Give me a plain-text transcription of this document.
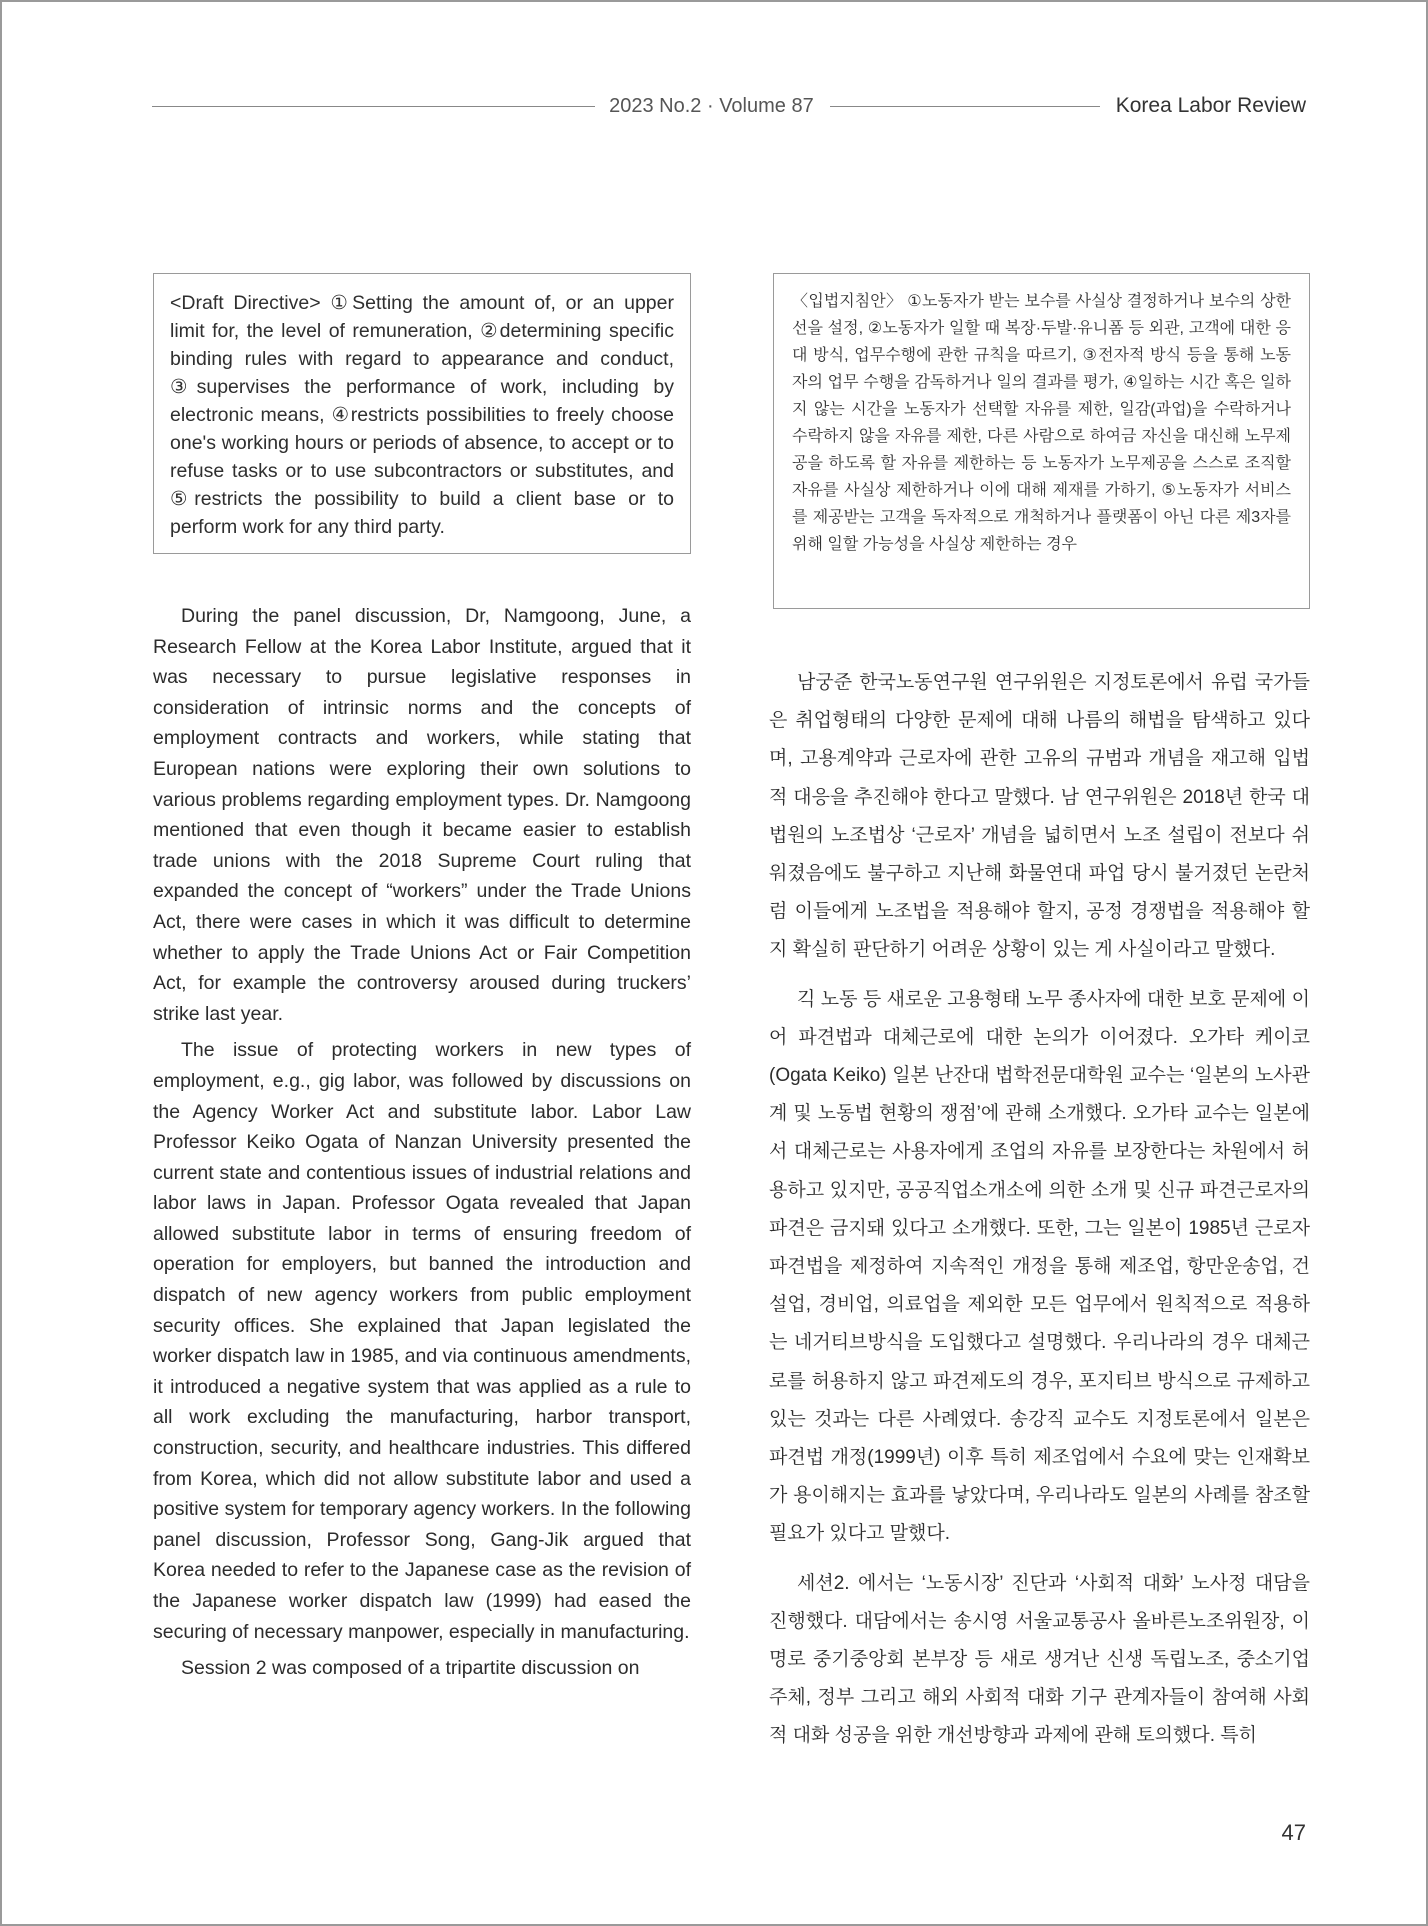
2023 No.2 · Volume 87	Korea Labor Review
<Draft Directive> ①Setting the amount of, or an upper limit for, the level of remuneration, ②determining specific binding rules with regard to appearance and conduct, ③supervises the performance of work, including by electronic means, ④restricts possibilities to freely choose one's working hours or periods of absence, to accept or to refuse tasks or to use subcontractors or substitutes, and ⑤restricts the possibility to build a client base or to perform work for any third party.
〈입법지침안〉 ①노동자가 받는 보수를 사실상 결정하거나 보수의 상한선을 설정, ②노동자가 일할 때 복장·두발·유니폼 등 외관, 고객에 대한 응대 방식, 업무수행에 관한 규칙을 따르기, ③전자적 방식 등을 통해 노동자의 업무 수행을 감독하거나 일의 결과를 평가, ④일하는 시간 혹은 일하지 않는 시간을 노동자가 선택할 자유를 제한, 일감(과업)을 수락하거나 수락하지 않을 자유를 제한, 다른 사람으로 하여금 자신을 대신해 노무제공을 하도록 할 자유를 제한하는 등 노동자가 노무제공을 스스로 조직할 자유를 사실상 제한하거나 이에 대해 제재를 가하기, ⑤노동자가 서비스를 제공받는 고객을 독자적으로 개척하거나 플랫폼이 아닌 다른 제3자를 위해 일할 가능성을 사실상 제한하는 경우

During the panel discussion, Dr, Namgoong, June, a Research Fellow at the Korea Labor Institute, argued that it was necessary to pursue legislative responses in consideration of intrinsic norms and the concepts of employment contracts and workers, while stating that European nations were exploring their own solutions to various problems regarding employment types. Dr. Namgoong mentioned that even though it became easier to establish trade unions with the 2018 Supreme Court ruling that expanded the concept of “workers” under the Trade Unions Act, there were cases in which it was difficult to determine whether to apply the Trade Unions Act or Fair Competition Act, for example the controversy aroused during truckers’ strike last year.

The issue of protecting workers in new types of employment, e.g., gig labor, was followed by discussions on the Agency Worker Act and substitute labor. Labor Law Professor Keiko Ogata of Nanzan University presented the current state and contentious issues of industrial relations and labor laws in Japan. Professor Ogata revealed that Japan allowed substitute labor in terms of ensuring freedom of operation for employers, but banned the introduction and dispatch of new agency workers from public employment security offices. She explained that Japan legislated the worker dispatch law in 1985, and via continuous amendments, it introduced a negative system that was applied as a rule to all work excluding the manufacturing, harbor transport, construction, security, and healthcare industries. This differed from Korea, which did not allow substitute labor and used a positive system for temporary agency workers. In the following panel discussion, Professor Song, Gang-Jik argued that Korea needed to refer to the Japanese case as the revision of the Japanese worker dispatch law (1999) had eased the securing of necessary manpower, especially in manufacturing.

Session 2 was composed of a tripartite discussion on

남궁준 한국노동연구원 연구위원은 지정토론에서 유럽 국가들은 취업형태의 다양한 문제에 대해 나름의 해법을 탐색하고 있다며, 고용계약과 근로자에 관한 고유의 규범과 개념을 재고해 입법적 대응을 추진해야 한다고 말했다. 남 연구위원은 2018년 한국 대법원의 노조법상 ‘근로자’ 개념을 넓히면서 노조 설립이 전보다 쉬워졌음에도 불구하고 지난해 화물연대 파업 당시 불거졌던 논란처럼 이들에게 노조법을 적용해야 할지, 공정 경쟁법을 적용해야 할지 확실히 판단하기 어려운 상황이 있는 게 사실이라고 말했다.

긱 노동 등 새로운 고용형태 노무 종사자에 대한 보호 문제에 이어 파견법과 대체근로에 대한 논의가 이어졌다. 오가타 케이코(Ogata Keiko) 일본 난잔대 법학전문대학원 교수는 ‘일본의 노사관계 및 노동법 현황의 쟁점’에 관해 소개했다. 오가타 교수는 일본에서 대체근로는 사용자에게 조업의 자유를 보장한다는 차원에서 허용하고 있지만, 공공직업소개소에 의한 소개 및 신규 파견근로자의 파견은 금지돼 있다고 소개했다. 또한, 그는 일본이 1985년 근로자파견법을 제정하여 지속적인 개정을 통해 제조업, 항만운송업, 건설업, 경비업, 의료업을 제외한 모든 업무에서 원칙적으로 적용하는 네거티브방식을 도입했다고 설명했다. 우리나라의 경우 대체근로를 허용하지 않고 파견제도의 경우, 포지티브 방식으로 규제하고 있는 것과는 다른 사례였다. 송강직 교수도 지정토론에서 일본은 파견법 개정(1999년) 이후 특히 제조업에서 수요에 맞는 인재확보가 용이해지는 효과를 낳았다며, 우리나라도 일본의 사례를 참조할 필요가 있다고 말했다.

세션2. 에서는 ‘노동시장’ 진단과 ‘사회적 대화’ 노사정 대담을 진행했다. 대담에서는 송시영 서울교통공사 올바른노조위원장, 이명로 중기중앙회 본부장 등 새로 생겨난 신생 독립노조, 중소기업 주체, 정부 그리고 해외 사회적 대화 기구 관계자들이 참여해 사회적 대화 성공을 위한 개선방향과 과제에 관해 토의했다. 특히

47
